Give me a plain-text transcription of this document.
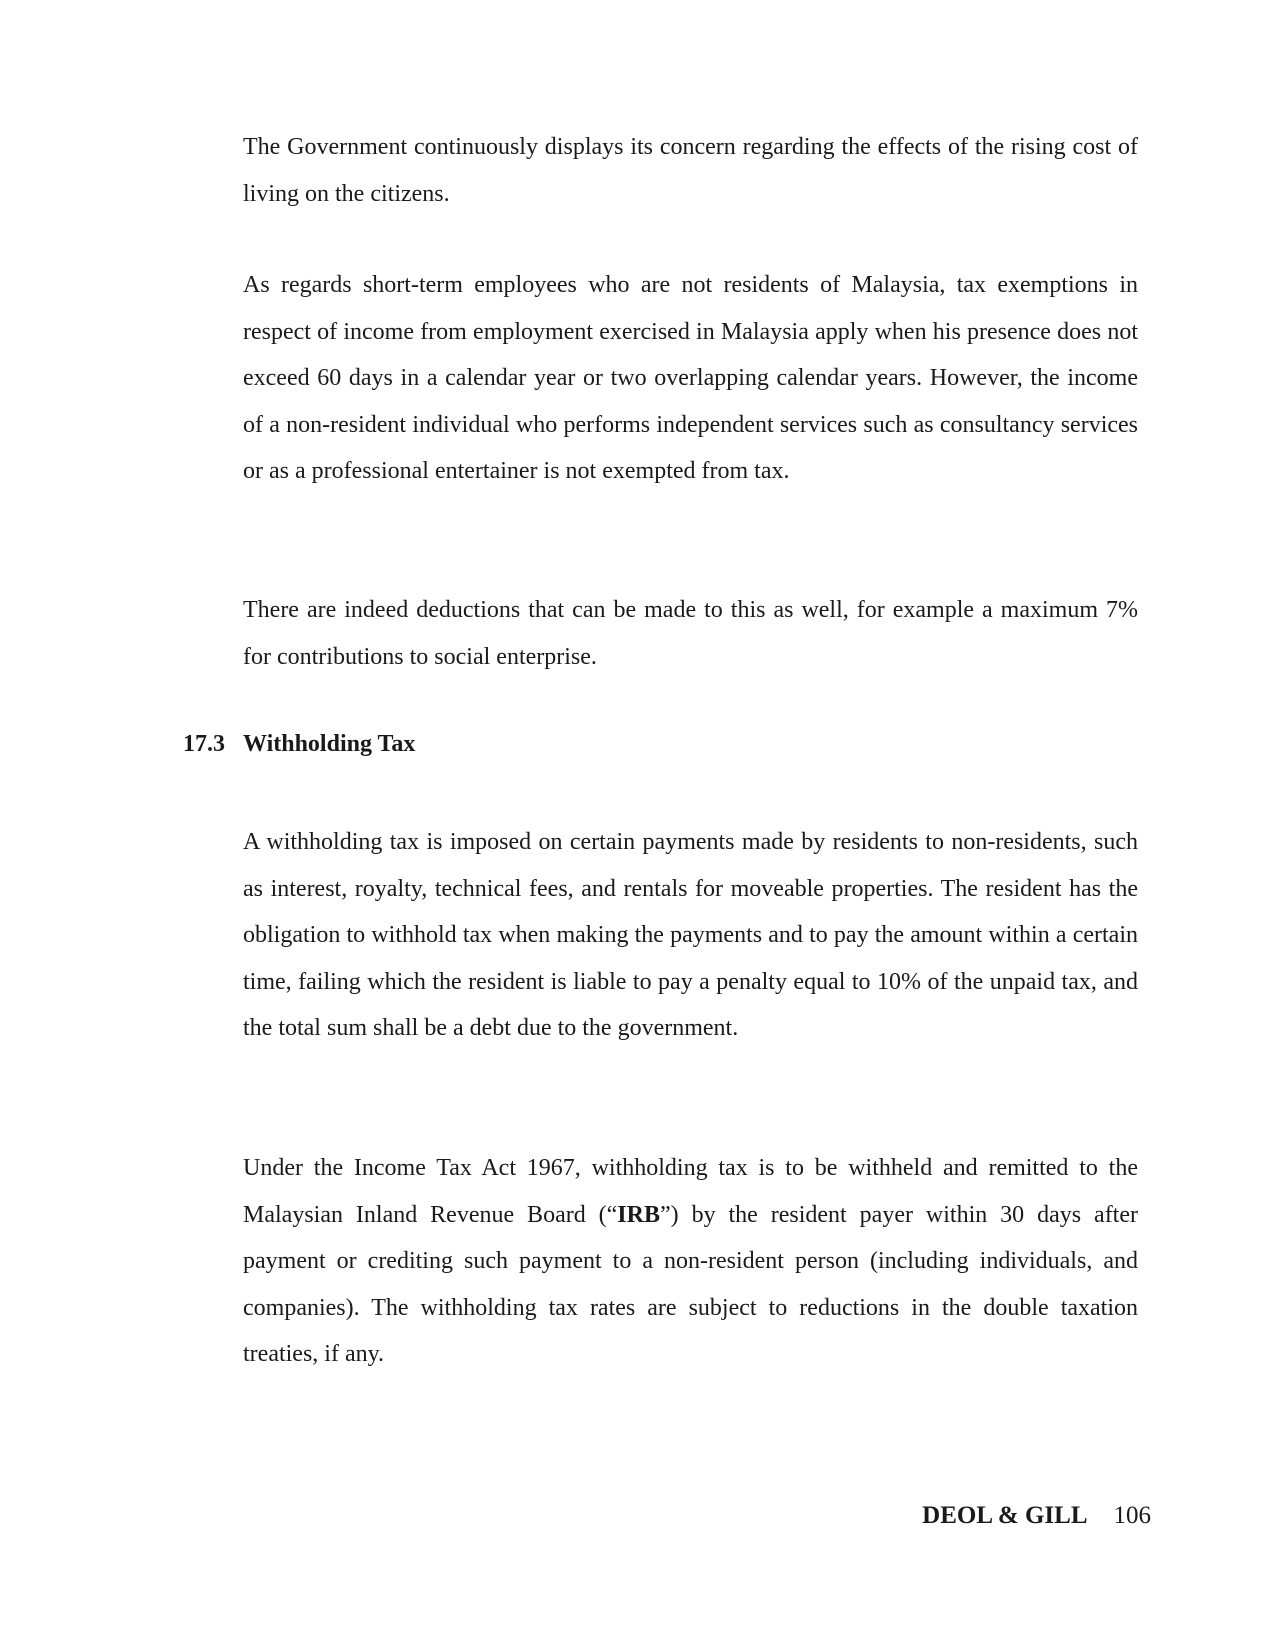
The Government continuously displays its concern regarding the effects of the rising cost of living on the citizens.

As regards short-term employees who are not residents of Malaysia, tax exemptions in respect of income from employment exercised in Malaysia apply when his presence does not exceed 60 days in a calendar year or two overlapping calendar years. However, the income of a non-resident individual who performs independent services such as consultancy services or as a professional entertainer is not exempted from tax.

There are indeed deductions that can be made to this as well, for example a maximum 7% for contributions to social enterprise.

17.3 Withholding Tax

A withholding tax is imposed on certain payments made by residents to non-residents, such as interest, royalty, technical fees, and rentals for moveable properties. The resident has the obligation to withhold tax when making the payments and to pay the amount within a certain time, failing which the resident is liable to pay a penalty equal to 10% of the unpaid tax, and the total sum shall be a debt due to the government.

Under the Income Tax Act 1967, withholding tax is to be withheld and remitted to the Malaysian Inland Revenue Board (“IRB”) by the resident payer within 30 days after payment or crediting such payment to a non-resident person (including individuals, and companies). The withholding tax rates are subject to reductions in the double taxation treaties, if any.

DEOL & GILL 106
